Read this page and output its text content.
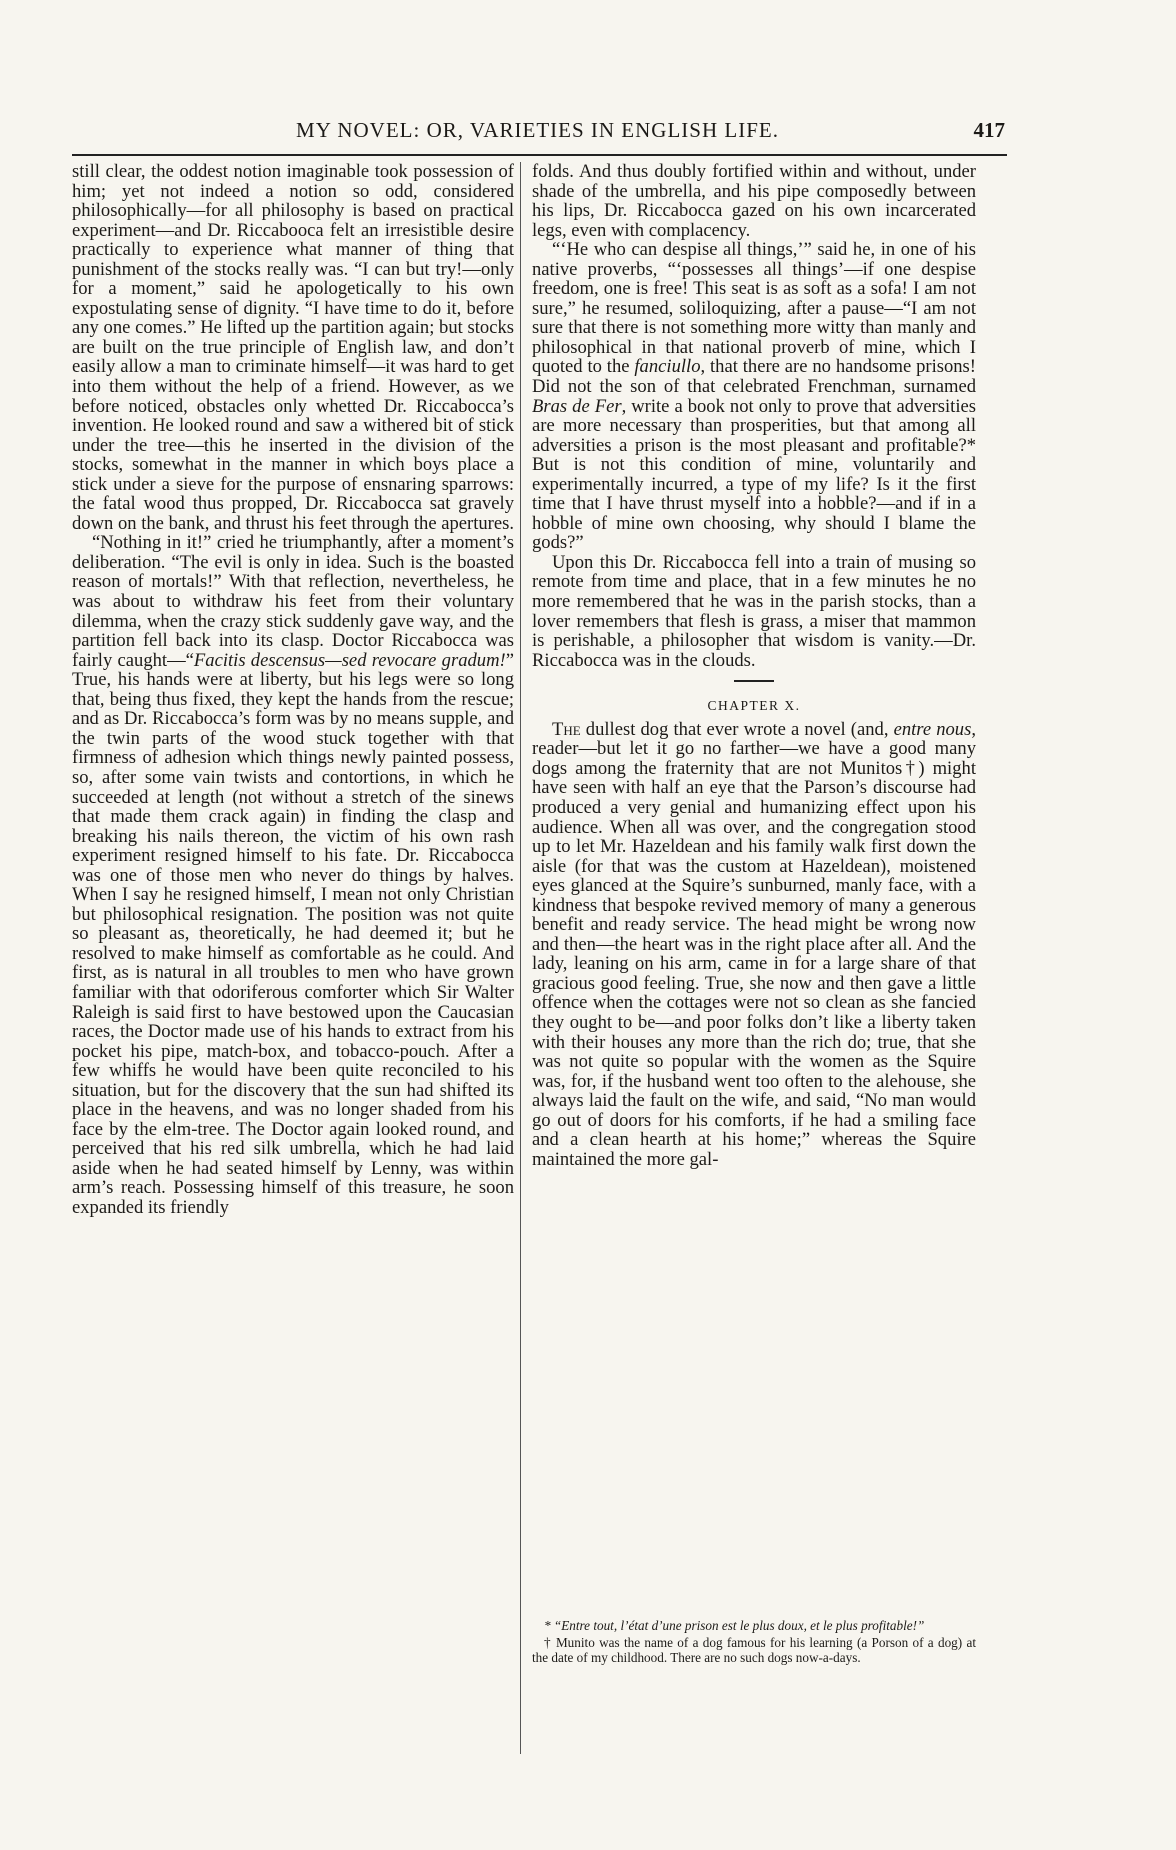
MY NOVEL: OR, VARIETIES IN ENGLISH LIFE.	417

still clear, the oddest notion imaginable took possession of him; yet not indeed a notion so odd, considered philosophically—for all philosophy is based on practical experiment—and Dr. Riccabooca felt an irresistible desire practically to experience what manner of thing that punishment of the stocks really was. “I can but try!—only for a moment,” said he apologetically to his own expostulating sense of dignity. “I have time to do it, before any one comes.” He lifted up the partition again; but stocks are built on the true principle of English law, and don’t easily allow a man to criminate himself—it was hard to get into them without the help of a friend. However, as we before noticed, obstacles only whetted Dr. Riccabocca’s invention. He looked round and saw a withered bit of stick under the tree—this he inserted in the division of the stocks, somewhat in the manner in which boys place a stick under a sieve for the purpose of ensnaring sparrows: the fatal wood thus propped, Dr. Riccabocca sat gravely down on the bank, and thrust his feet through the apertures.

“Nothing in it!” cried he triumphantly, after a moment’s deliberation. “The evil is only in idea. Such is the boasted reason of mortals!” With that reflection, nevertheless, he was about to withdraw his feet from their voluntary dilemma, when the crazy stick suddenly gave way, and the partition fell back into its clasp. Doctor Riccabocca was fairly caught—“Facitis descensus—sed revocare gradum!” True, his hands were at liberty, but his legs were so long that, being thus fixed, they kept the hands from the rescue; and as Dr. Riccabocca’s form was by no means supple, and the twin parts of the wood stuck together with that firmness of adhesion which things newly painted possess, so, after some vain twists and contortions, in which he succeeded at length (not without a stretch of the sinews that made them crack again) in finding the clasp and breaking his nails thereon, the victim of his own rash experiment resigned himself to his fate. Dr. Riccabocca was one of those men who never do things by halves. When I say he resigned himself, I mean not only Christian but philosophical resignation. The position was not quite so pleasant as, theoretically, he had deemed it; but he resolved to make himself as comfortable as he could. And first, as is natural in all troubles to men who have grown familiar with that odoriferous comforter which Sir Walter Raleigh is said first to have bestowed upon the Caucasian races, the Doctor made use of his hands to extract from his pocket his pipe, match-box, and tobacco-pouch. After a few whiffs he would have been quite reconciled to his situation, but for the discovery that the sun had shifted its place in the heavens, and was no longer shaded from his face by the elm-tree. The Doctor again looked round, and perceived that his red silk umbrella, which he had laid aside when he had seated himself by Lenny, was within arm’s reach. Possessing himself of this treasure, he soon expanded its friendly

folds. And thus doubly fortified within and without, under shade of the umbrella, and his pipe composedly between his lips, Dr. Riccabocca gazed on his own incarcerated legs, even with complacency.

“‘He who can despise all things,’” said he, in one of his native proverbs, “‘possesses all things’—if one despise freedom, one is free! This seat is as soft as a sofa! I am not sure,” he resumed, soliloquizing, after a pause—“I am not sure that there is not something more witty than manly and philosophical in that national proverb of mine, which I quoted to the fanciullo, that there are no handsome prisons! Did not the son of that celebrated Frenchman, surnamed Bras de Fer, write a book not only to prove that adversities are more necessary than prosperities, but that among all adversities a prison is the most pleasant and profitable?* But is not this condition of mine, voluntarily and experimentally incurred, a type of my life? Is it the first time that I have thrust myself into a hobble?—and if in a hobble of mine own choosing, why should I blame the gods?”

Upon this Dr. Riccabocca fell into a train of musing so remote from time and place, that in a few minutes he no more remembered that he was in the parish stocks, than a lover remembers that flesh is grass, a miser that mammon is perishable, a philosopher that wisdom is vanity.—Dr. Riccabocca was in the clouds.

CHAPTER X.

The dullest dog that ever wrote a novel (and, entre nous, reader—but let it go no farther—we have a good many dogs among the fraternity that are not Munitos†) might have seen with half an eye that the Parson’s discourse had produced a very genial and humanizing effect upon his audience. When all was over, and the congregation stood up to let Mr. Hazeldean and his family walk first down the aisle (for that was the custom at Hazeldean), moistened eyes glanced at the Squire’s sunburned, manly face, with a kindness that bespoke revived memory of many a generous benefit and ready service. The head might be wrong now and then—the heart was in the right place after all. And the lady, leaning on his arm, came in for a large share of that gracious good feeling. True, she now and then gave a little offence when the cottages were not so clean as she fancied they ought to be—and poor folks don’t like a liberty taken with their houses any more than the rich do; true, that she was not quite so popular with the women as the Squire was, for, if the husband went too often to the alehouse, she always laid the fault on the wife, and said, “No man would go out of doors for his comforts, if he had a smiling face and a clean hearth at his home;” whereas the Squire maintained the more gal-

* “Entre tout, l’état d’une prison est le plus doux, et le plus profitable!”

† Munito was the name of a dog famous for his learning (a Porson of a dog) at the date of my childhood. There are no such dogs now-a-days.
